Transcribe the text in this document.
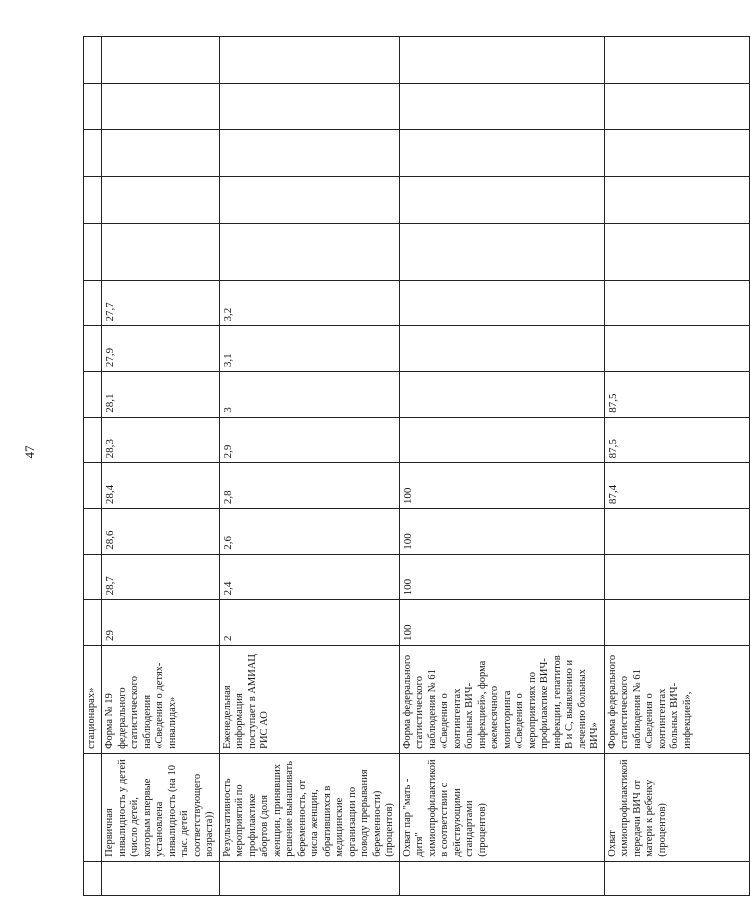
47
		стационарах»													
	Первичная инвалидность у детей (число детей, которым впервые установлена инвалидность (на 10 тыс. детей соответствующего возраста))	Форма № 19 федерального статистического наблюдения «Сведения о детях-инвалидах»	29	28,7	28,6	28,4	28,3	28,1	27,9	27,7					
	Результативность мероприятий по профилактике абортов (доля женщин, принявших решение вынашивать беременность, от числа женщин, обратившихся в медицинские организации по поводу прерывания беременности) (процентов)	Еженедельная информация поступает в АМИАЦ РИС АО	2	2,4	2,6	2,8	2,9	3	3,1	3,2					
	Охват пар "мать - дитя" химиопрофилактикой в соответствии с действующими стандартами (процентов)	Форма федерального статистического наблюдения № 61 «Сведения о контингентах больных ВИЧ-инфекцией», форма ежемесячного мониторинга «Сведения о мероприятиях по профилактике ВИЧ-инфекции, гепатитов В и С, выявлению и лечению больных ВИЧ»	100	100	100	100									
	Охват химиопрофилактикой передачи ВИЧ от матери к ребенку (процентов)	Форма федерального статистического наблюдения № 61 «Сведения о контингентах больных ВИЧ-инфекцией»,				87,4	87,5	87,5							
